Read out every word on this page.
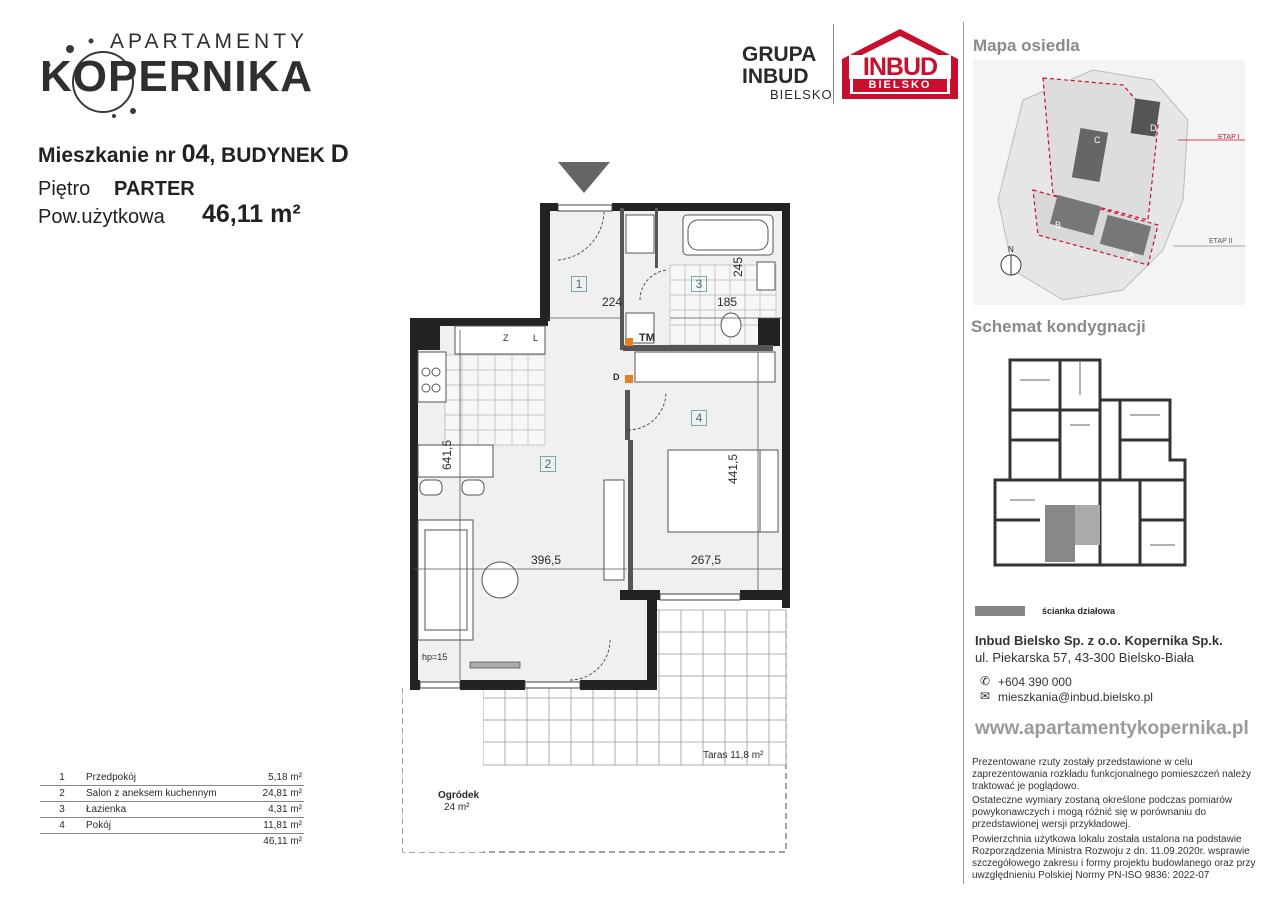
APARTAMENTY
KOPERNIKA	GRUPA
INBUD
BIELSKO
INBUD
BIELSKO
Mieszkanie nr 04, BUDYNEK D
Piętro PARTER
Pow.użytkowa 46,11 m²
1
2
3
4
224	185
245
641,5	441,5
396,5	267,5
Z	L	TM
D
hp=15
Taras 11,8 m²
Ogródek
24 m²
1	Przedpokój	5,18 m²
2	Salon z aneksem kuchennym	24,81 m²
3	Łazienka	4,31 m²
4	Pokój	11,81 m²
		46,11 m²
Mapa osiedla
ETAP I
ETAP II
N
C
D
B
A
Schemat kondygnacji
ścianka działowa
Inbud Bielsko Sp. z o.o. Kopernika Sp.k.
ul. Piekarska 57, 43-300 Bielsko-Biała
✆ +604 390 000
✉ mieszkania@inbud.bielsko.pl
www.apartamentykopernika.pl
Prezentowane rzuty zostały przedstawione w celu zaprezentowania rozkładu funkcjonalnego pomieszczeń należy traktować je poglądowo.
Ostateczne wymiary zostaną określone podczas pomiarów powykonawczych i mogą różnić się w porównaniu do przedstawionej wersji przykładowej.
Powierzchnia użytkowa lokalu została ustalona na podstawie Rozporządzenia Ministra Rozwoju z dn. 11.09.2020r. wsprawie szczegółowego zakresu i formy projektu budowlanego oraz przy uwzględnieniu Polskiej Normy PN-ISO 9836: 2022-07
